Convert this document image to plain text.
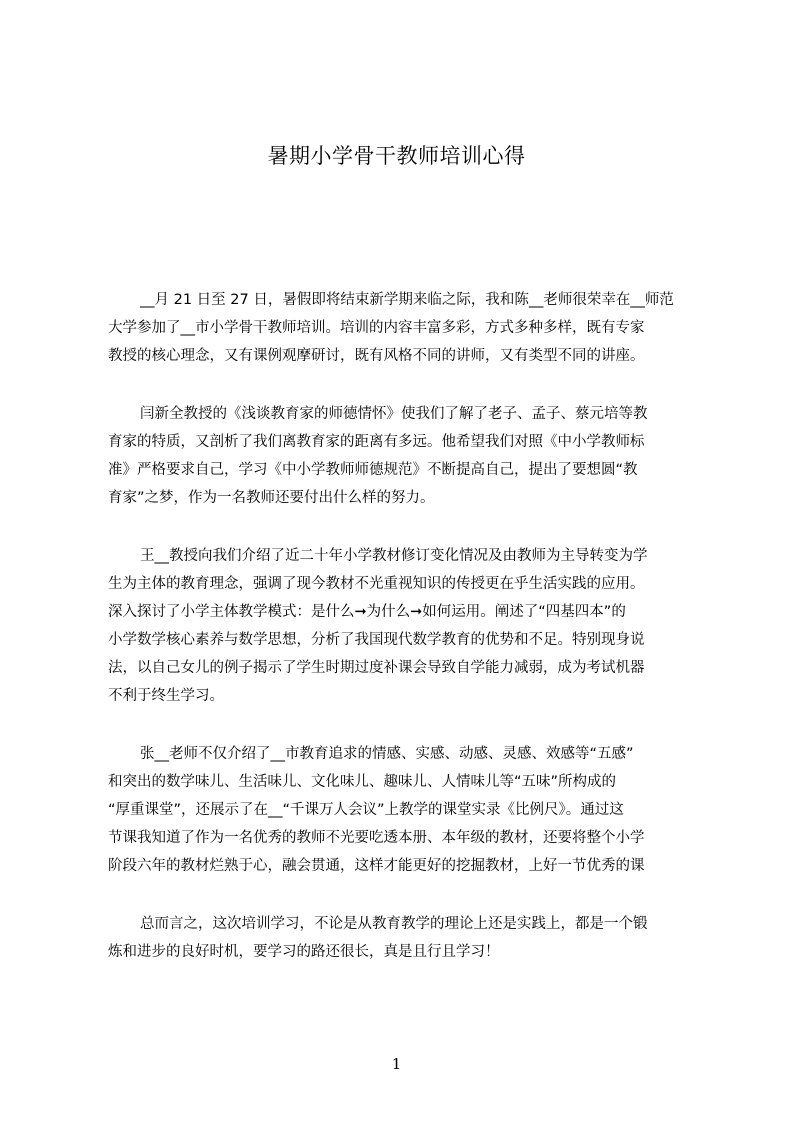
暑期小学骨干教师培训心得

__月 21 日至 27 日，暑假即将结束新学期来临之际，我和陈__老师很荣幸在__师范
大学参加了__市小学骨干教师培训。培训的内容丰富多彩，方式多种多样，既有专家
教授的核心理念，又有课例观摩研讨，既有风格不同的讲师，又有类型不同的讲座。

闫新全教授的《浅谈教育家的师德情怀》使我们了解了老子、孟子、蔡元培等教
育家的特质，又剖析了我们离教育家的距离有多远。他希望我们对照《中小学教师标
准》严格要求自己，学习《中小学教师师德规范》不断提高自己，提出了要想圆“教
育家”之梦，作为一名教师还要付出什么样的努力。

王__教授向我们介绍了近二十年小学教材修订变化情况及由教师为主导转变为学
生为主体的教育理念，强调了现今教材不光重视知识的传授更在乎生活实践的应用。
深入探讨了小学主体教学模式：是什么➞为什么➞如何运用。阐述了“四基四本”的
小学数学核心素养与数学思想，分析了我国现代数学教育的优势和不足。特别现身说
法，以自己女儿的例子揭示了学生时期过度补课会导致自学能力减弱，成为考试机器
不利于终生学习。

张__老师不仅介绍了__市教育追求的情感、实感、动感、灵感、效感等“五感”
和突出的数学味儿、生活味儿、文化味儿、趣味儿、人情味儿等“五味”所构成的
“厚重课堂”，还展示了在__“千课万人会议”上教学的课堂实录《比例尺》。通过这
节课我知道了作为一名优秀的教师不光要吃透本册、本年级的教材，还要将整个小学
阶段六年的教材烂熟于心，融会贯通，这样才能更好的挖掘教材，上好一节优秀的课

总而言之，这次培训学习，不论是从教育教学的理论上还是实践上，都是一个锻
炼和进步的良好时机，要学习的路还很长，真是且行且学习！

1
